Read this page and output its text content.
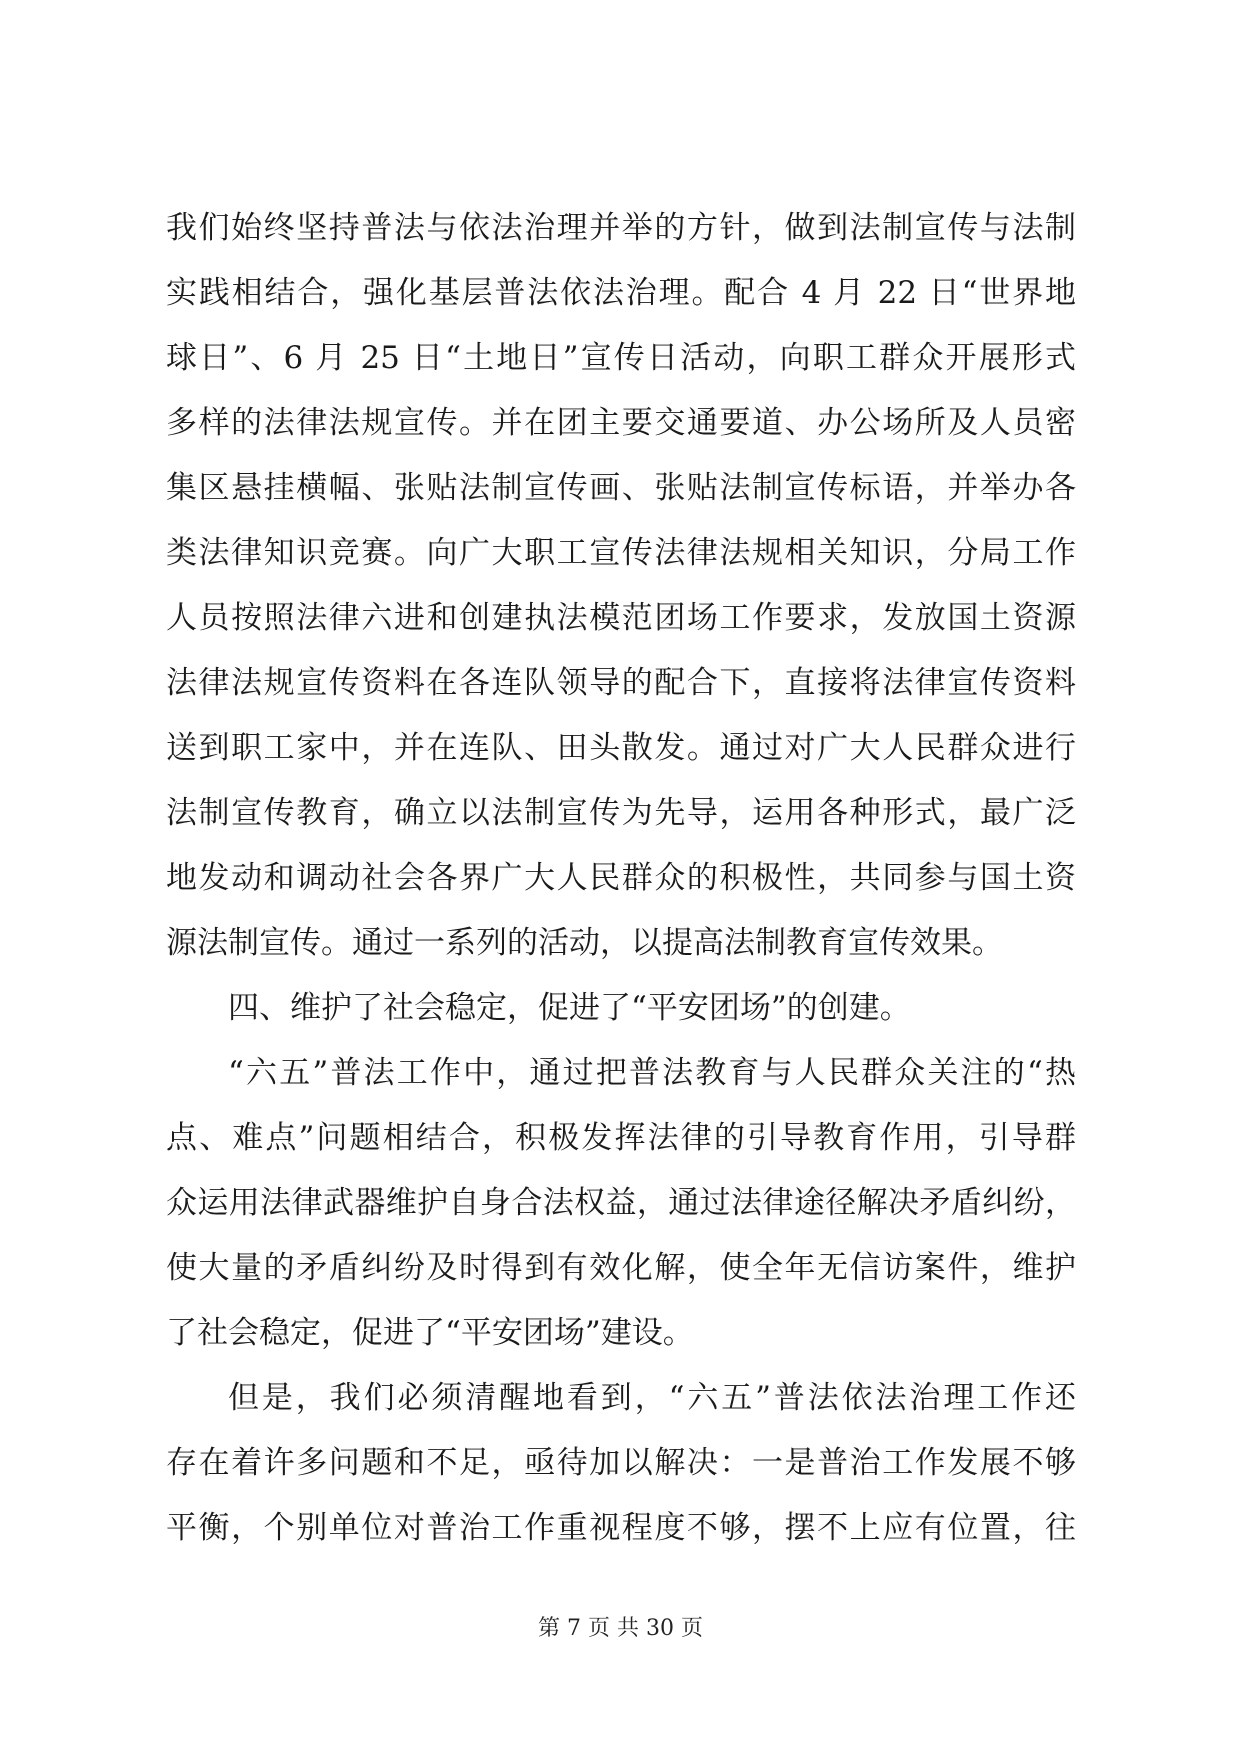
我们始终坚持普法与依法治理并举的方针，做到法制宣传与法制
实践相结合，强化基层普法依法治理。配合 4 月 22 日“世界地
球日”、6 月 25 日“土地日”宣传日活动，向职工群众开展形式
多样的法律法规宣传。并在团主要交通要道、办公场所及人员密
集区悬挂横幅、张贴法制宣传画、张贴法制宣传标语，并举办各
类法律知识竞赛。向广大职工宣传法律法规相关知识，分局工作
人员按照法律六进和创建执法模范团场工作要求，发放国土资源
法律法规宣传资料在各连队领导的配合下，直接将法律宣传资料
送到职工家中，并在连队、田头散发。通过对广大人民群众进行
法制宣传教育，确立以法制宣传为先导，运用各种形式，最广泛
地发动和调动社会各界广大人民群众的积极性，共同参与国土资
源法制宣传。通过一系列的活动，以提高法制教育宣传效果。
四、维护了社会稳定，促进了“平安团场”的创建。
“六五”普法工作中，通过把普法教育与人民群众关注的“热
点、难点”问题相结合，积极发挥法律的引导教育作用，引导群
众运用法律武器维护自身合法权益，通过法律途径解决矛盾纠纷，
使大量的矛盾纠纷及时得到有效化解，使全年无信访案件，维护
了社会稳定，促进了“平安团场”建设。
但是，我们必须清醒地看到，“六五”普法依法治理工作还
存在着许多问题和不足，亟待加以解决：一是普治工作发展不够
平衡，个别单位对普治工作重视程度不够，摆不上应有位置，往
第 7 页 共 30 页
